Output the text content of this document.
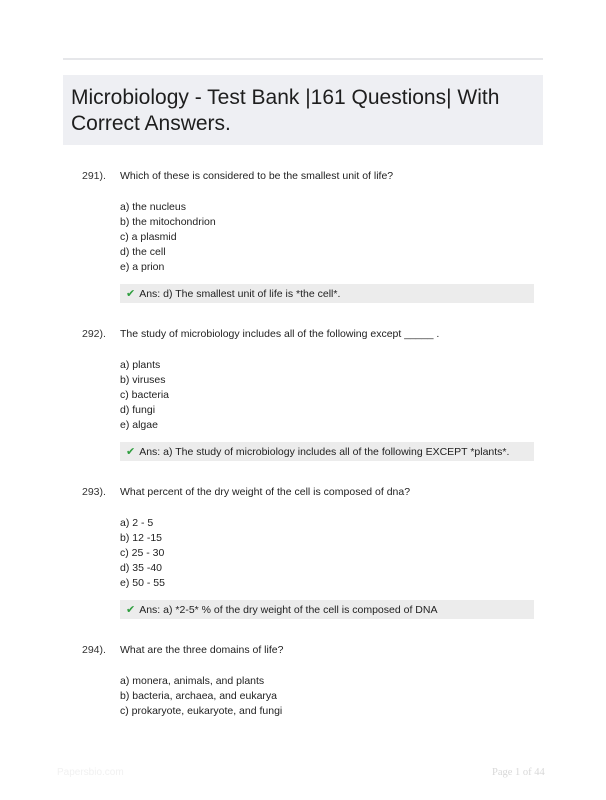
Microbiology - Test Bank |161 Questions| With Correct Answers.
291). Which of these is considered to be the smallest unit of life?
a) the nucleus
b) the mitochondrion
c) a plasmid
d) the cell
e) a prion
✔ Ans: d) The smallest unit of life is *the cell*.
292). The study of microbiology includes all of the following except _____ .
a) plants
b) viruses
c) bacteria
d) fungi
e) algae
✔ Ans: a) The study of microbiology includes all of the following EXCEPT *plants*.
293). What percent of the dry weight of the cell is composed of dna?
a) 2 - 5
b) 12 -15
c) 25 - 30
d) 35 -40
e) 50 - 55
✔ Ans: a) *2-5* % of the dry weight of the cell is composed of DNA
294). What are the three domains of life?
a) monera, animals, and plants
b) bacteria, archaea, and eukarya
c) prokaryote, eukaryote, and fungi
Papersbio.com	Page 1 of 44
